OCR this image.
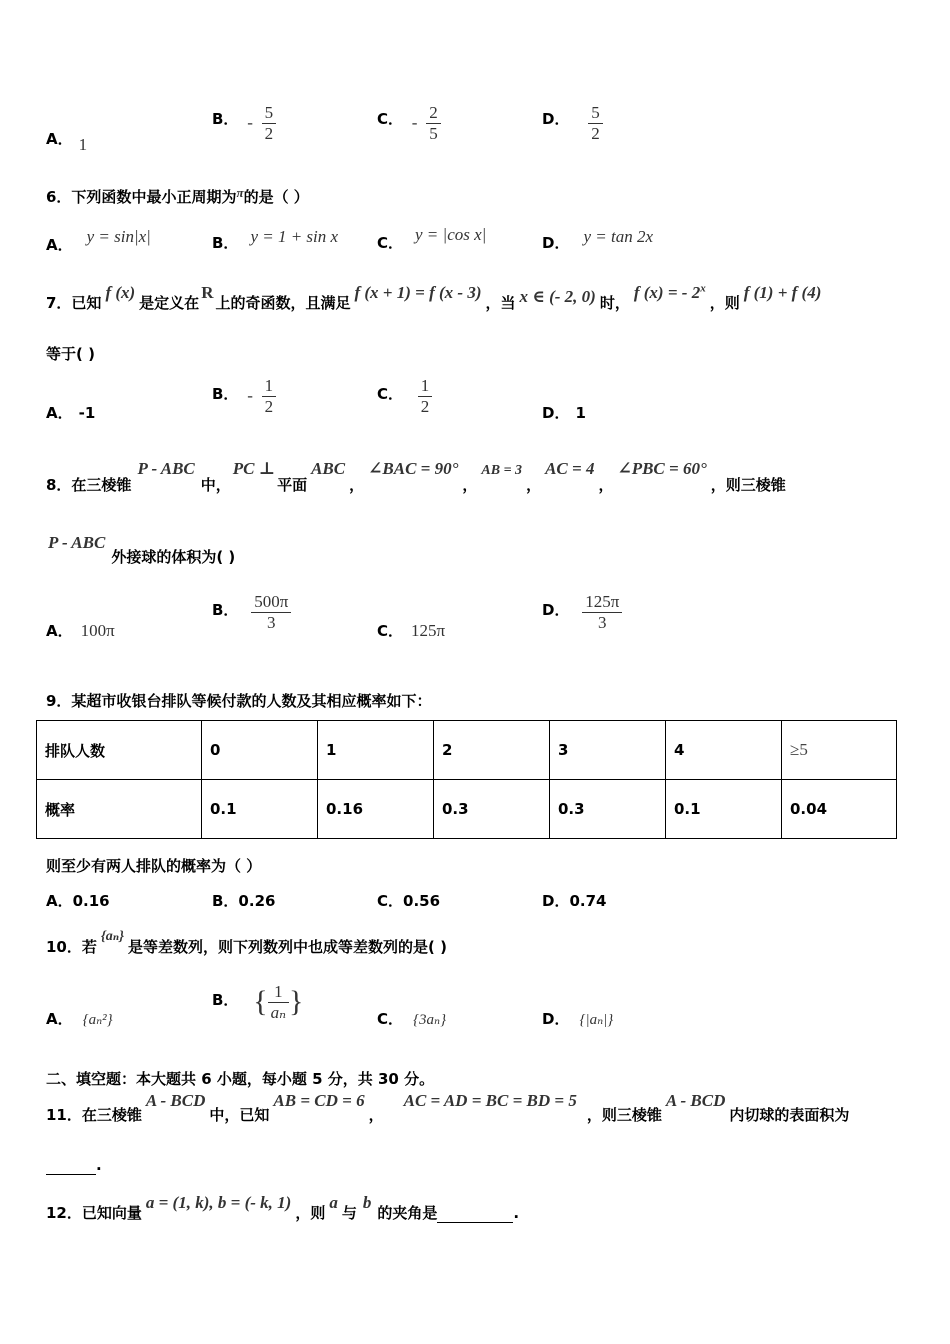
A． 1
B． - $\frac{5}{2}$	C． - $\frac{2}{5}$	D． $\frac{5}{2}$
6．下列函数中最小正周期为π的是（ ）
A． y = sin|x|	B． y = 1 + sin x	C． y = |cos x|	D． y = tan 2x
7．已知f (x)是定义在R上的奇函数，且满足f (x + 1) = f (x - 3)，当 x ∈ (- 2, 0) 时，f (x) = - 2$^x$，则f (1) + f (4)
等于( )
A． -1
B． - $\frac{1}{2}$	C． $\frac{1}{2}$	D． 1
8．在三棱锥P - ABC中，PC ⊥平面ABC，∠BAC = 90°，AB = 3，AC = 4，∠PBC = 60°，则三棱锥
P - ABC外接球的体积为( )
A． 100π
B． $\frac{500\pi}{3}$	C． 125π
D． $\frac{125\pi}{3}$
9．某超市收银台排队等候付款的人数及其相应概率如下：
排队人数	0	1	2	3	4	≥5
概率	0.1	0.16	0.3	0.3	0.1	0.04
则至少有两人排队的概率为（ ）
A．0.16	B．0.26	C．0.56	D．0.74
10．若{aₙ}是等差数列，则下列数列中也成等差数列的是( )
A． {aₙ²}
B． { $\frac{1}{\text{aₙ}}$ }
C． {3aₙ}	D． {|aₙ|}
二、填空题：本大题共 6 小题，每小题 5 分，共 30 分。
11．在三棱锥A - BCD中，已知AB = CD = 6，AC = AD = BC = BD = 5，则三棱锥A - BCD内切球的表面积为
.
12．已知向量a = (1, k), b = (- k, 1)，则a与b的夹角是	.
